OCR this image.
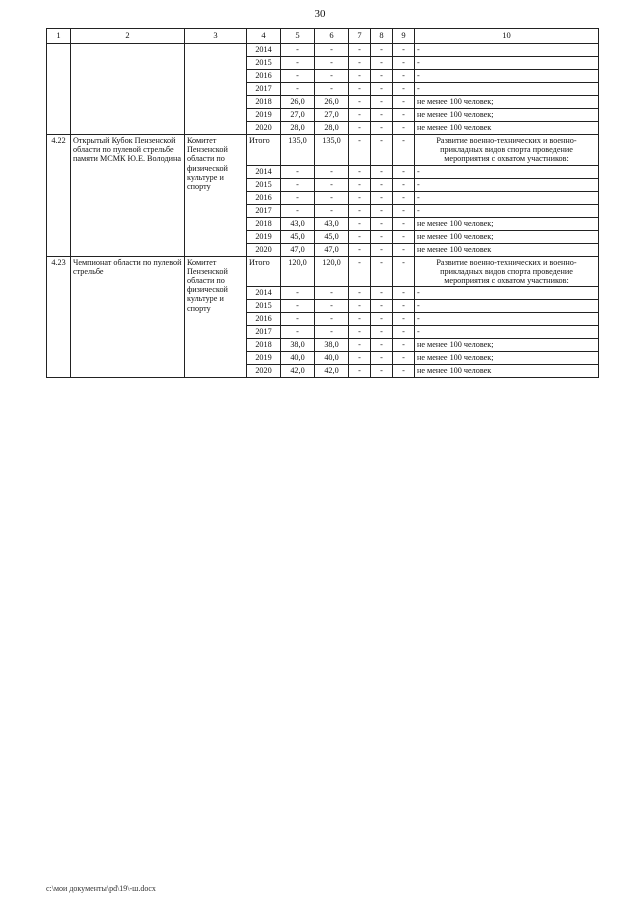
30
1	2	3	4	5	6	7	8	9	10
			2014	-	-	-	-	-	-
			2015	-	-	-	-	-	-
			2016	-	-	-	-	-	-
			2017	-	-	-	-	-	-
			2018	26,0	26,0	-	-	-	не менее 100 человек;
			2019	27,0	27,0	-	-	-	не менее 100 человек;
			2020	28,0	28,0	-	-	-	не менее 100 человек
4.22	Открытый Кубок Пензенской области по пулевой стрельбе памяти МСМК Ю.Е. Володина	Комитет Пензенской области по физической культуре и спорту	Итого	135,0	135,0	-	-	-	Развитие военно-технических и военно-прикладных видов спорта проведение мероприятия с охватом участников:
			2014	-	-	-	-	-	-
			2015	-	-	-	-	-	-
			2016	-	-	-	-	-	-
			2017	-	-	-	-	-	-
			2018	43,0	43,0	-	-	-	не менее 100 человек;
			2019	45,0	45,0	-	-	-	не менее 100 человек;
			2020	47,0	47,0	-	-	-	не менее 100 человек
4.23	Чемпионат области по пулевой стрельбе	Комитет Пензенской области по физической культуре и спорту	Итого	120,0	120,0	-	-	-	Развитие военно-технических и военно-прикладных видов спорта проведение мероприятия с охватом участников:
			2014	-	-	-	-	-	-
			2015	-	-	-	-	-	-
			2016	-	-	-	-	-	-
			2017	-	-	-	-	-	-
			2018	38,0	38,0	-	-	-	не менее 100 человек;
			2019	40,0	40,0	-	-	-	не менее 100 человек;
			2020	42,0	42,0	-	-	-	не менее 100 человек
c:\мои документы\pd\19\-ш.docx
